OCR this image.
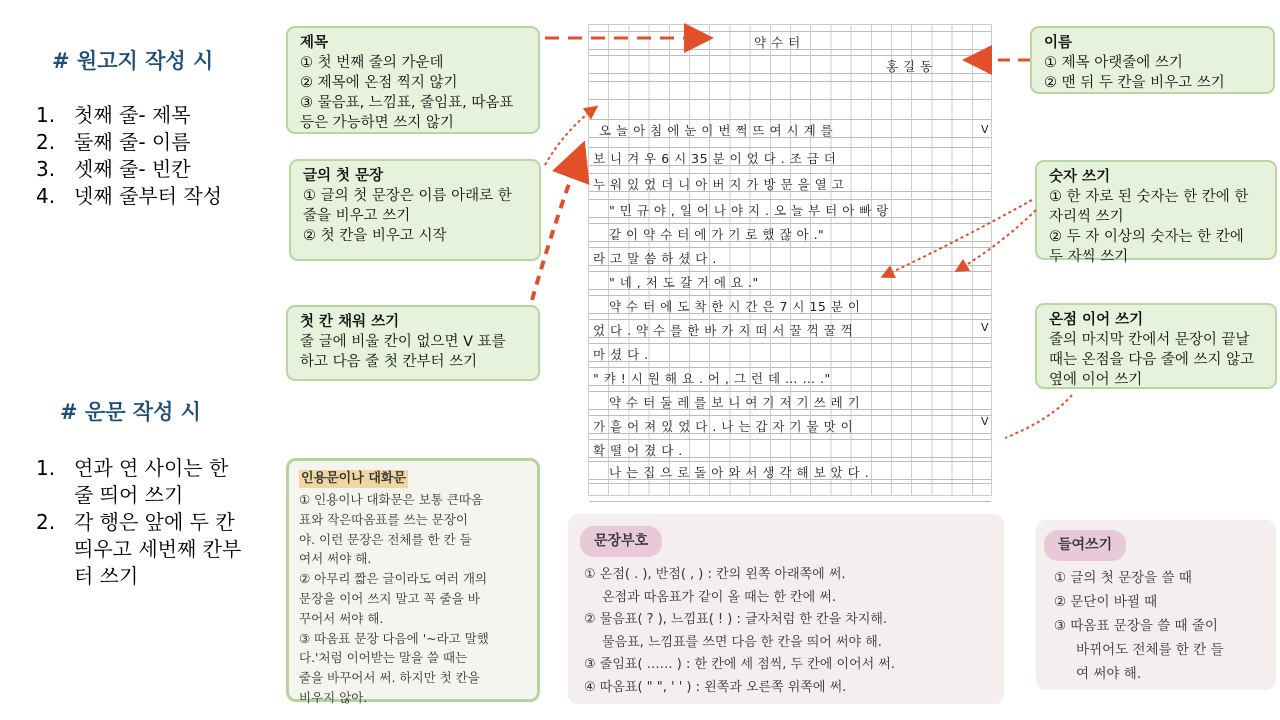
# 원고지 작성 시
1. 첫째 줄- 제목
2. 둘째 줄- 이름
3. 셋째 줄- 빈칸
4. 넷째 줄부터 작성
# 운문 작성 시
1. 연과 연 사이는 한 줄 띄어 쓰기
2. 각 행은 앞에 두 칸 띄우고 세번째 칸부터 쓰기
제목
① 첫 번째 줄의 가운데
② 제목에 온점 찍지 않기
③ 물음표, 느낌표, 줄임표, 따옴표
등은 가능하면 쓰지 않기
글의 첫 문장
① 글의 첫 문장은 이름 아래로 한
줄을 비우고 쓰기
② 첫 칸을 비우고 시작
첫 칸 채워 쓰기
줄 글에 비울 칸이 없으면 V 표를
하고 다음 줄 첫 칸부터 쓰기
이름
① 제목 아랫줄에 쓰기
② 맨 뒤 두 칸을 비우고 쓰기
숫자 쓰기
① 한 자로 된 숫자는 한 칸에 한
자리씩 쓰기
② 두 자 이상의 숫자는 한 칸에
두 자씩 쓰기
온점 이어 쓰기
줄의 마지막 칸에서 문장이 끝날
때는 온점을 다음 줄에 쓰지 않고
옆에 이어 쓰기
약 수 터
홍 길 동
오 늘 아 침 에 눈 이 번 쩍 뜨 여 시 계 를
보 니 겨 우 6 시 35 분 이 었 다 . 조 금 더
누 워 있 었 더 니 아 버 지 가 방 문 을 열 고
" 민 규 야 , 일 어 나 야 지 . 오 늘 부 터 아 빠 랑
같 이 약 수 터 에 가 기 로 했 잖 아 ."
라 고 말 씀 하 셨 다 .
" 네 , 저 도 갈 거 에 요 ."
약 수 터 에 도 착 한 시 간 은 7 시 15 분 이
었 다 . 약 수 를 한 바 가 지 떠 서 꿀 꺽 꿀 꺽
마 셨 다 .
" 캬 ! 시 원 해 요 . 어 , 그 런 데 … … ."
약 수 터 둘 레 를 보 니 여 기 저 기 쓰 레 기
가 흩 어 져 있 었 다 . 나 는 갑 자 기 물 맛 이
확 떨 어 졌 다 .
나 는 집 으 로 돌 아 와 서 생 각 해 보 았 다 .
V
V
V
인용문이나 대화문
① 인용이나 대화문은 보통 큰따옴
표와 작은따옴표를 쓰는 문장이
야. 이런 문장은 전체를 한 칸 들
여서 써야 해.
② 아무리 짧은 글이라도 여러 개의
문장을 이어 쓰지 말고 꼭 줄을 바
꾸어서 써야 해.
③ 따옴표 문장 다음에 '~라고 말했
다.'처럼 이어받는 말을 쓸 때는
줄을 바꾸어서 써. 하지만 첫 칸을
비우지 않아.
문장부호
① 온점( . ), 반점( , ) : 칸의 왼쪽 아래쪽에 써.
온점과 따옴표가 같이 올 때는 한 칸에 써.
② 물음표( ? ), 느낌표( ! ) : 글자처럼 한 칸을 차지해.
물음표, 느낌표를 쓰면 다음 한 칸을 띄어 써야 해.
③ 줄임표( …… ) : 한 칸에 세 점씩, 두 칸에 이어서 써.
④ 따옴표( " ", ' ' ) : 왼쪽과 오른쪽 위쪽에 써.
들여쓰기
① 글의 첫 문장을 쓸 때
② 문단이 바뀔 때
③ 따옴표 문장을 쓸 때 줄이
바뀌어도 전체를 한 칸 들
여 써야 해.
